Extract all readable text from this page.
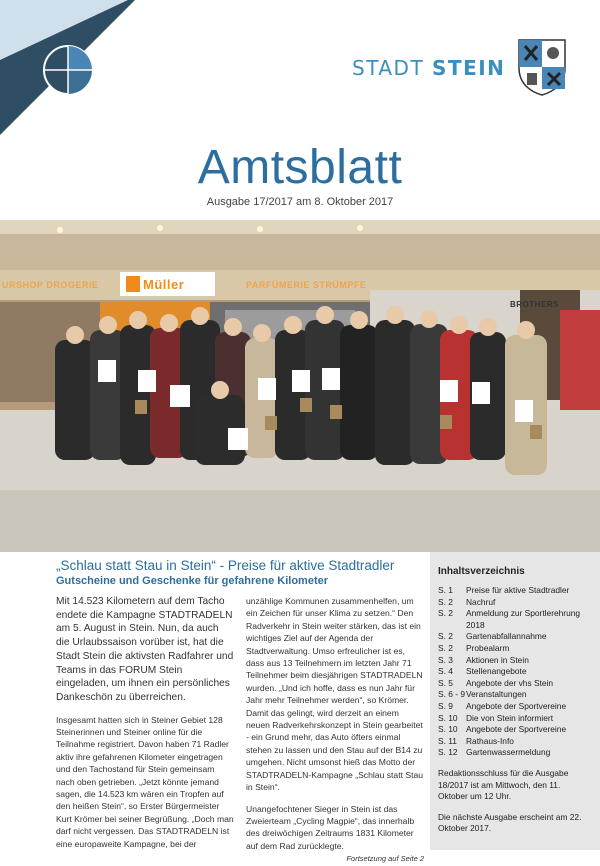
STADT STEIN
Amtsblatt
Ausgabe 17/2017 am 8. Oktober 2017
URSHOP DROGERIE	Müller	PARFÜMERIE STRÜMPFE
BROTHERS
„Schlau statt Stau in Stein“ - Preise für aktive Stadtradler
Gutscheine und Geschenke für gefahrene Kilometer

Mit 14.523 Kilometern auf dem Tacho endete die Kampagne STADTRADELN am 5. August in Stein. Nun, da auch die Urlaubssaison vorüber ist, hat die Stadt Stein die aktivsten Radfahrer und Teams in das FORUM Stein eingeladen, um ihnen ein persönliches Dankeschön zu überreichen.

Insgesamt hatten sich in Steiner Gebiet 128 Steinerinnen und Steiner online für die Teilnahme registriert. Davon haben 71 Radler aktiv ihre gefahrenen Kilometer eingetragen und den Tachostand für Stein gemeinsam nach oben getrieben. „Jetzt könnte jemand sagen, die 14.523 km wären ein Tropfen auf den heißen Stein“, so Erster Bürgermeister Kurt Krömer bei seiner Begrüßung. „Doch man darf nicht vergessen. Das STADTRADELN ist eine europaweite Kampagne, bei der

unzählige Kommunen zusammenhelfen, um ein Zeichen für unser Klima zu setzen.“ Den Radverkehr in Stein weiter stärken, das ist ein wichtiges Ziel auf der Agenda der Stadtverwaltung. Umso erfreulicher ist es, dass aus 13 Teilnehmern im letzten Jahr 71 Teilnehmer beim diesjährigen STADTRADELN wurden. „Und ich hoffe, dass es nun Jahr für Jahr mehr Teilnehmer werden“, so Krömer. Damit das gelingt, wird derzeit an einem neuen Radverkehrskonzept in Stein gearbeitet - ein Grund mehr, das Auto öfters einmal stehen zu lassen und den Stau auf der B14 zu umgehen. Nicht umsonst hieß das Motto der STADTRADELN-Kampagne „Schlau statt Stau in Stein“.

Unangefochtener Sieger in Stein ist das Zweierteam „Cycling Magpie“, das innerhalb des dreiwöchigen Zeitraums 1831 Kilometer auf dem Rad zurücklegte.

Fortsetzung auf Seite 2
Inhaltsverzeichnis
S. 1	Preise für aktive Stadtradler
S. 2	Nachruf
S. 2	Anmeldung zur Sportlerehrung 2018
S. 2	Gartenabfallannahme
S. 2	Probealarm
S. 3	Aktionen in Stein
S. 4	Stellenangebote
S. 5	Angebote der vhs Stein
S. 6 - 9 Veranstaltungen
S. 9	Angebote der Sportvereine
S. 10	Die von Stein informiert
S. 10	Angebote der Sportvereine
S. 11	Rathaus-Info
S. 12	Gartenwassermeldung
Redaktionsschluss für die Ausgabe 18/2017 ist am Mittwoch, den 11. Oktober um 12 Uhr.
Die nächste Ausgabe erscheint am 22. Oktober 2017.
